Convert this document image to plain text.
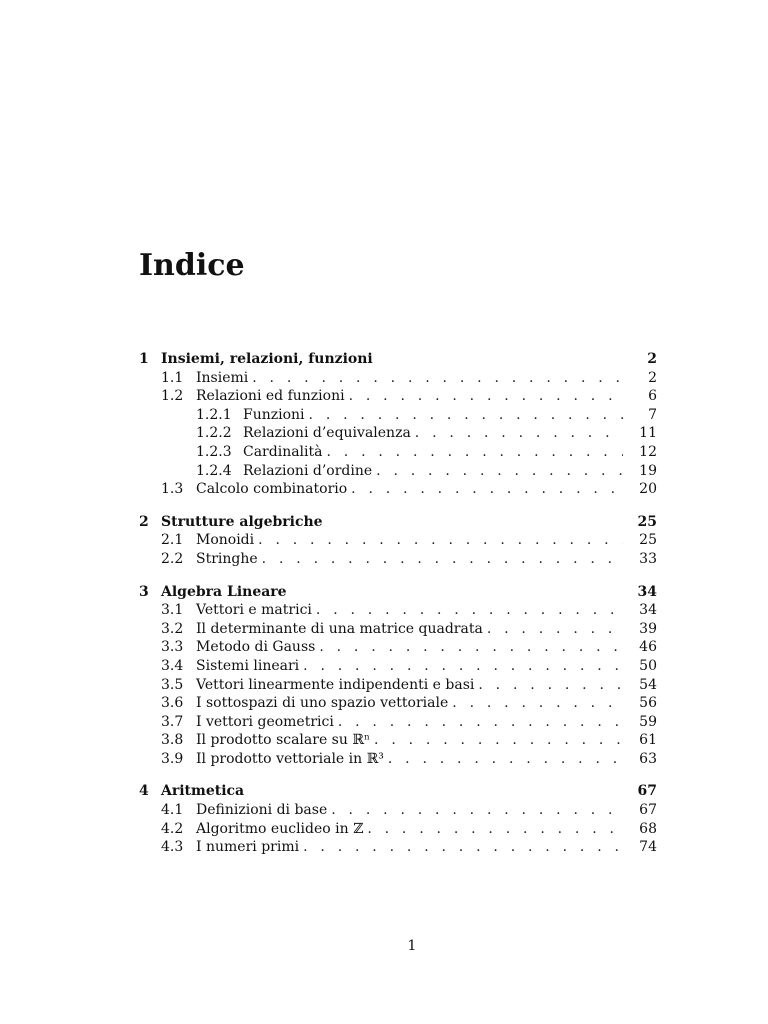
Indice
1 Insiemi, relazioni, funzioni	2
1.1 Insiemi . . .	2
1.2 Relazioni ed funzioni . . .	6
1.2.1 Funzioni . . .	7
1.2.2 Relazioni d’equivalenza . . .	11
1.2.3 Cardinalità . . .	12
1.2.4 Relazioni d’ordine . . .	19
1.3 Calcolo combinatorio . . .	20
2 Strutture algebriche	25
2.1 Monoidi . . .	25
2.2 Stringhe . . .	33
3 Algebra Lineare	34
3.1 Vettori e matrici . . .	34
3.2 Il determinante di una matrice quadrata . . .	39
3.3 Metodo di Gauss . . .	46
3.4 Sistemi lineari . . .	50
3.5 Vettori linearmente indipendenti e basi . . .	54
3.6 I sottospazi di uno spazio vettoriale . . .	56
3.7 I vettori geometrici . . .	59
3.8 Il prodotto scalare su ℝⁿ . . .	61
3.9 Il prodotto vettoriale in ℝ³ . . .	63
4 Aritmetica	67
4.1 Definizioni di base . . .	67
4.2 Algoritmo euclideo in ℤ . . .	68
4.3 I numeri primi . . .	74
1
